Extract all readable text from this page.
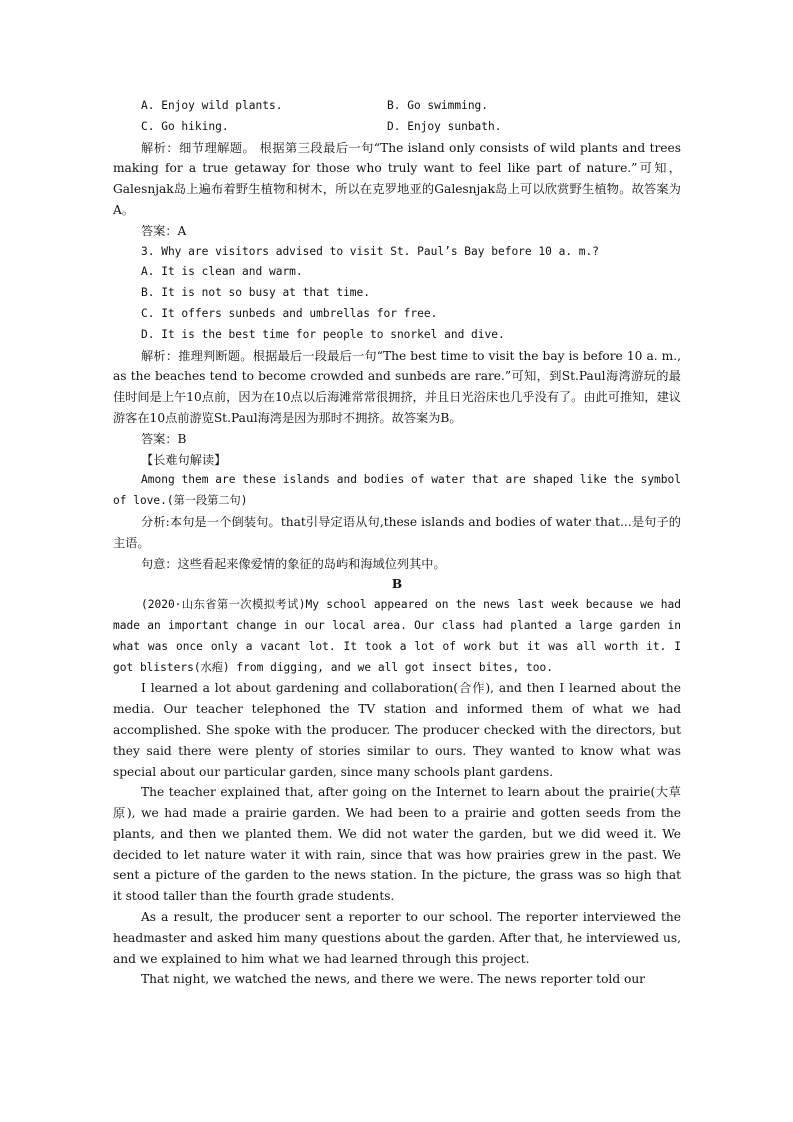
A. Enjoy wild plants.	B. Go swimming.
C. Go hiking.	D. Enjoy sunbath.

解析：细节理解题。 根据第三段最后一句“The island only consists of wild plants and trees making for a true getaway for those who truly want to feel like part of nature.”可知，Galesnjak岛上遍布着野生植物和树木，所以在克罗地亚的Galesnjak岛上可以欣赏野生植物。故答案为A。

答案：A

3. Why are visitors advised to visit St. Paul’s Bay before 10 a. m.?

A. It is clean and warm.

B. It is not so busy at that time.

C. It offers sunbeds and umbrellas for free.

D. It is the best time for people to snorkel and dive.

解析：推理判断题。根据最后一段最后一句“The best time to visit the bay is before 10 a. m., as the beaches tend to become crowded and sunbeds are rare.”可知，到St.Paul海湾游玩的最佳时间是上午10点前，因为在10点以后海滩常常很拥挤，并且日光浴床也几乎没有了。由此可推知，建议游客在10点前游览St.Paul海湾是因为那时不拥挤。故答案为B。

答案：B

【长难句解读】

Among them are these islands and bodies of water that are shaped like the symbol of love.(第一段第二句)

分析:本句是一个倒装句。that引导定语从句,these islands and bodies of water that...是句子的主语。

句意：这些看起来像爱情的象征的岛屿和海域位列其中。

B

(2020·山东省第一次模拟考试)My school appeared on the news last week because we had made an important change in our local area. Our class had planted a large garden in what was once only a vacant lot. It took a lot of work but it was all worth it. I got blisters(水疱) from digging, and we all got insect bites, too.

I learned a lot about gardening and collaboration(合作), and then I learned about the media. Our teacher telephoned the TV station and informed them of what we had accomplished. She spoke with the producer. The producer checked with the directors, but they said there were plenty of stories similar to ours. They wanted to know what was special about our particular garden, since many schools plant gardens.

The teacher explained that, after going on the Internet to learn about the prairie(大草原), we had made a prairie garden. We had been to a prairie and gotten seeds from the plants, and then we planted them. We did not water the garden, but we did weed it. We decided to let nature water it with rain, since that was how prairies grew in the past. We sent a picture of the garden to the news station. In the picture, the grass was so high that it stood taller than the fourth grade students.

As a result, the producer sent a reporter to our school. The reporter interviewed the headmaster and asked him many questions about the garden. After that, he interviewed us, and we explained to him what we had learned through this project.

That night, we watched the news, and there we were. The news reporter told our
